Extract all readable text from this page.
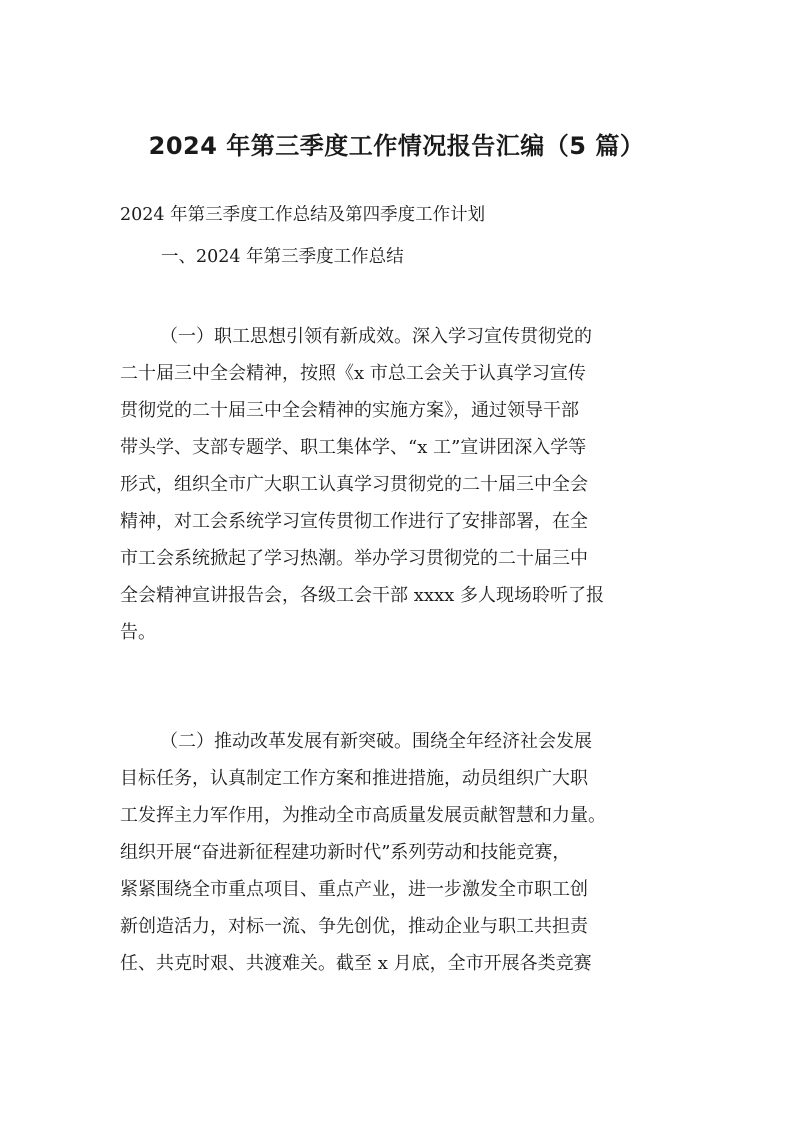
2024 年第三季度工作情况报告汇编（5 篇）

2024 年第三季度工作总结及第四季度工作计划

一、2024 年第三季度工作总结

（一）职工思想引领有新成效。深入学习宣传贯彻党的
二十届三中全会精神，按照《x 市总工会关于认真学习宣传
贯彻党的二十届三中全会精神的实施方案》，通过领导干部
带头学、支部专题学、职工集体学、“x 工”宣讲团深入学等
形式，组织全市广大职工认真学习贯彻党的二十届三中全会
精神，对工会系统学习宣传贯彻工作进行了安排部署，在全
市工会系统掀起了学习热潮。举办学习贯彻党的二十届三中
全会精神宣讲报告会，各级工会干部 xxxx 多人现场聆听了报
告。
（二）推动改革发展有新突破。围绕全年经济社会发展
目标任务，认真制定工作方案和推进措施，动员组织广大职
工发挥主力军作用，为推动全市高质量发展贡献智慧和力量。
组织开展“奋进新征程建功新时代”系列劳动和技能竞赛，
紧紧围绕全市重点项目、重点产业，进一步激发全市职工创
新创造活力，对标一流、争先创优，推动企业与职工共担责
任、共克时艰、共渡难关。截至 x 月底，全市开展各类竞赛
